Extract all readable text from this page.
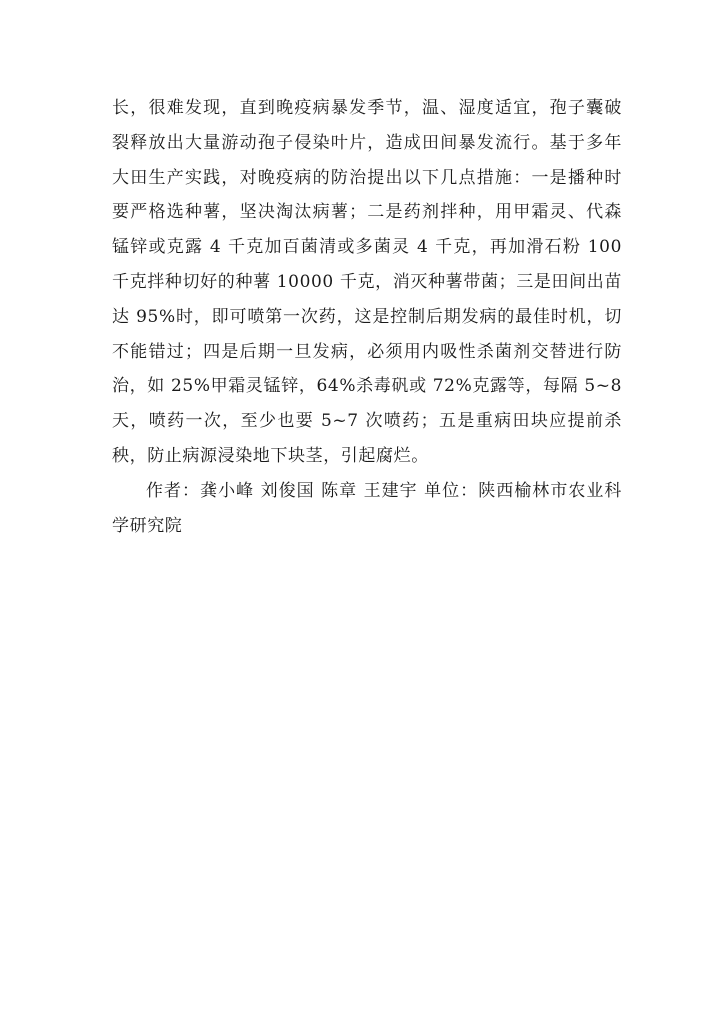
长，很难发现，直到晚疫病暴发季节，温、湿度适宜，孢子囊破裂释放出大量游动孢子侵染叶片，造成田间暴发流行。基于多年大田生产实践，对晚疫病的防治提出以下几点措施：一是播种时要严格选种薯，坚决淘汰病薯；二是药剂拌种，用甲霜灵、代森锰锌或克露 4 千克加百菌清或多菌灵 4 千克，再加滑石粉 100 千克拌种切好的种薯 10000 千克，消灭种薯带菌；三是田间出苗达 95%时，即可喷第一次药，这是控制后期发病的最佳时机，切不能错过；四是后期一旦发病，必须用内吸性杀菌剂交替进行防治，如 25%甲霜灵锰锌，64%杀毒矾或 72%克露等，每隔 5~8 天，喷药一次，至少也要 5~7 次喷药；五是重病田块应提前杀秧，防止病源浸染地下块茎，引起腐烂。

作者：龚小峰 刘俊国 陈章 王建宇 单位：陕西榆林市农业科学研究院
